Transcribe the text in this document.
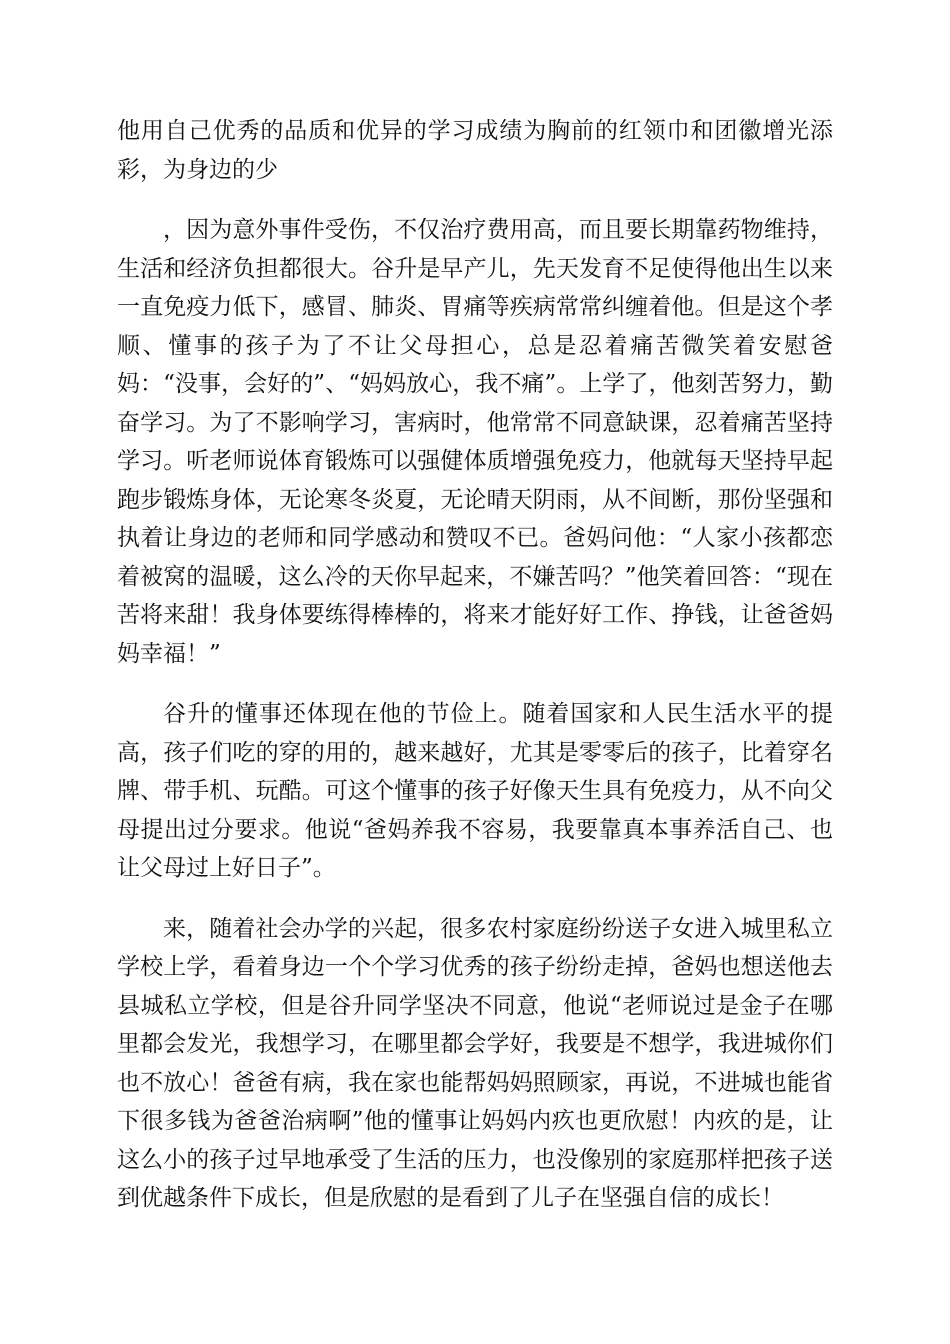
他用自己优秀的品质和优异的学习成绩为胸前的红领巾和团徽增光添彩，为身边的少

，因为意外事件受伤，不仅治疗费用高，而且要长期靠药物维持，生活和经济负担都很大。谷升是早产儿，先天发育不足使得他出生以来一直免疫力低下，感冒、肺炎、胃痛等疾病常常纠缠着他。但是这个孝顺、懂事的孩子为了不让父母担心，总是忍着痛苦微笑着安慰爸妈：“没事，会好的”、“妈妈放心，我不痛”。上学了，他刻苦努力，勤奋学习。为了不影响学习，害病时，他常常不同意缺课，忍着痛苦坚持学习。听老师说体育锻炼可以强健体质增强免疫力，他就每天坚持早起跑步锻炼身体，无论寒冬炎夏，无论晴天阴雨，从不间断，那份坚强和执着让身边的老师和同学感动和赞叹不已。爸妈问他：“人家小孩都恋着被窝的温暖，这么冷的天你早起来，不嫌苦吗？”他笑着回答：“现在苦将来甜！我身体要练得棒棒的，将来才能好好工作、挣钱，让爸爸妈妈幸福！”

谷升的懂事还体现在他的节俭上。随着国家和人民生活水平的提高，孩子们吃的穿的用的，越来越好，尤其是零零后的孩子，比着穿名牌、带手机、玩酷。可这个懂事的孩子好像天生具有免疫力，从不向父母提出过分要求。他说“爸妈养我不容易，我要靠真本事养活自己、也让父母过上好日子”。

来，随着社会办学的兴起，很多农村家庭纷纷送子女进入城里私立学校上学，看着身边一个个学习优秀的孩子纷纷走掉，爸妈也想送他去县城私立学校，但是谷升同学坚决不同意，他说“老师说过是金子在哪里都会发光，我想学习，在哪里都会学好，我要是不想学，我进城你们也不放心！爸爸有病，我在家也能帮妈妈照顾家，再说，不进城也能省下很多钱为爸爸治病啊”他的懂事让妈妈内疚也更欣慰！内疚的是，让这么小的孩子过早地承受了生活的压力，也没像别的家庭那样把孩子送到优越条件下成长，但是欣慰的是看到了儿子在坚强自信的成长！
